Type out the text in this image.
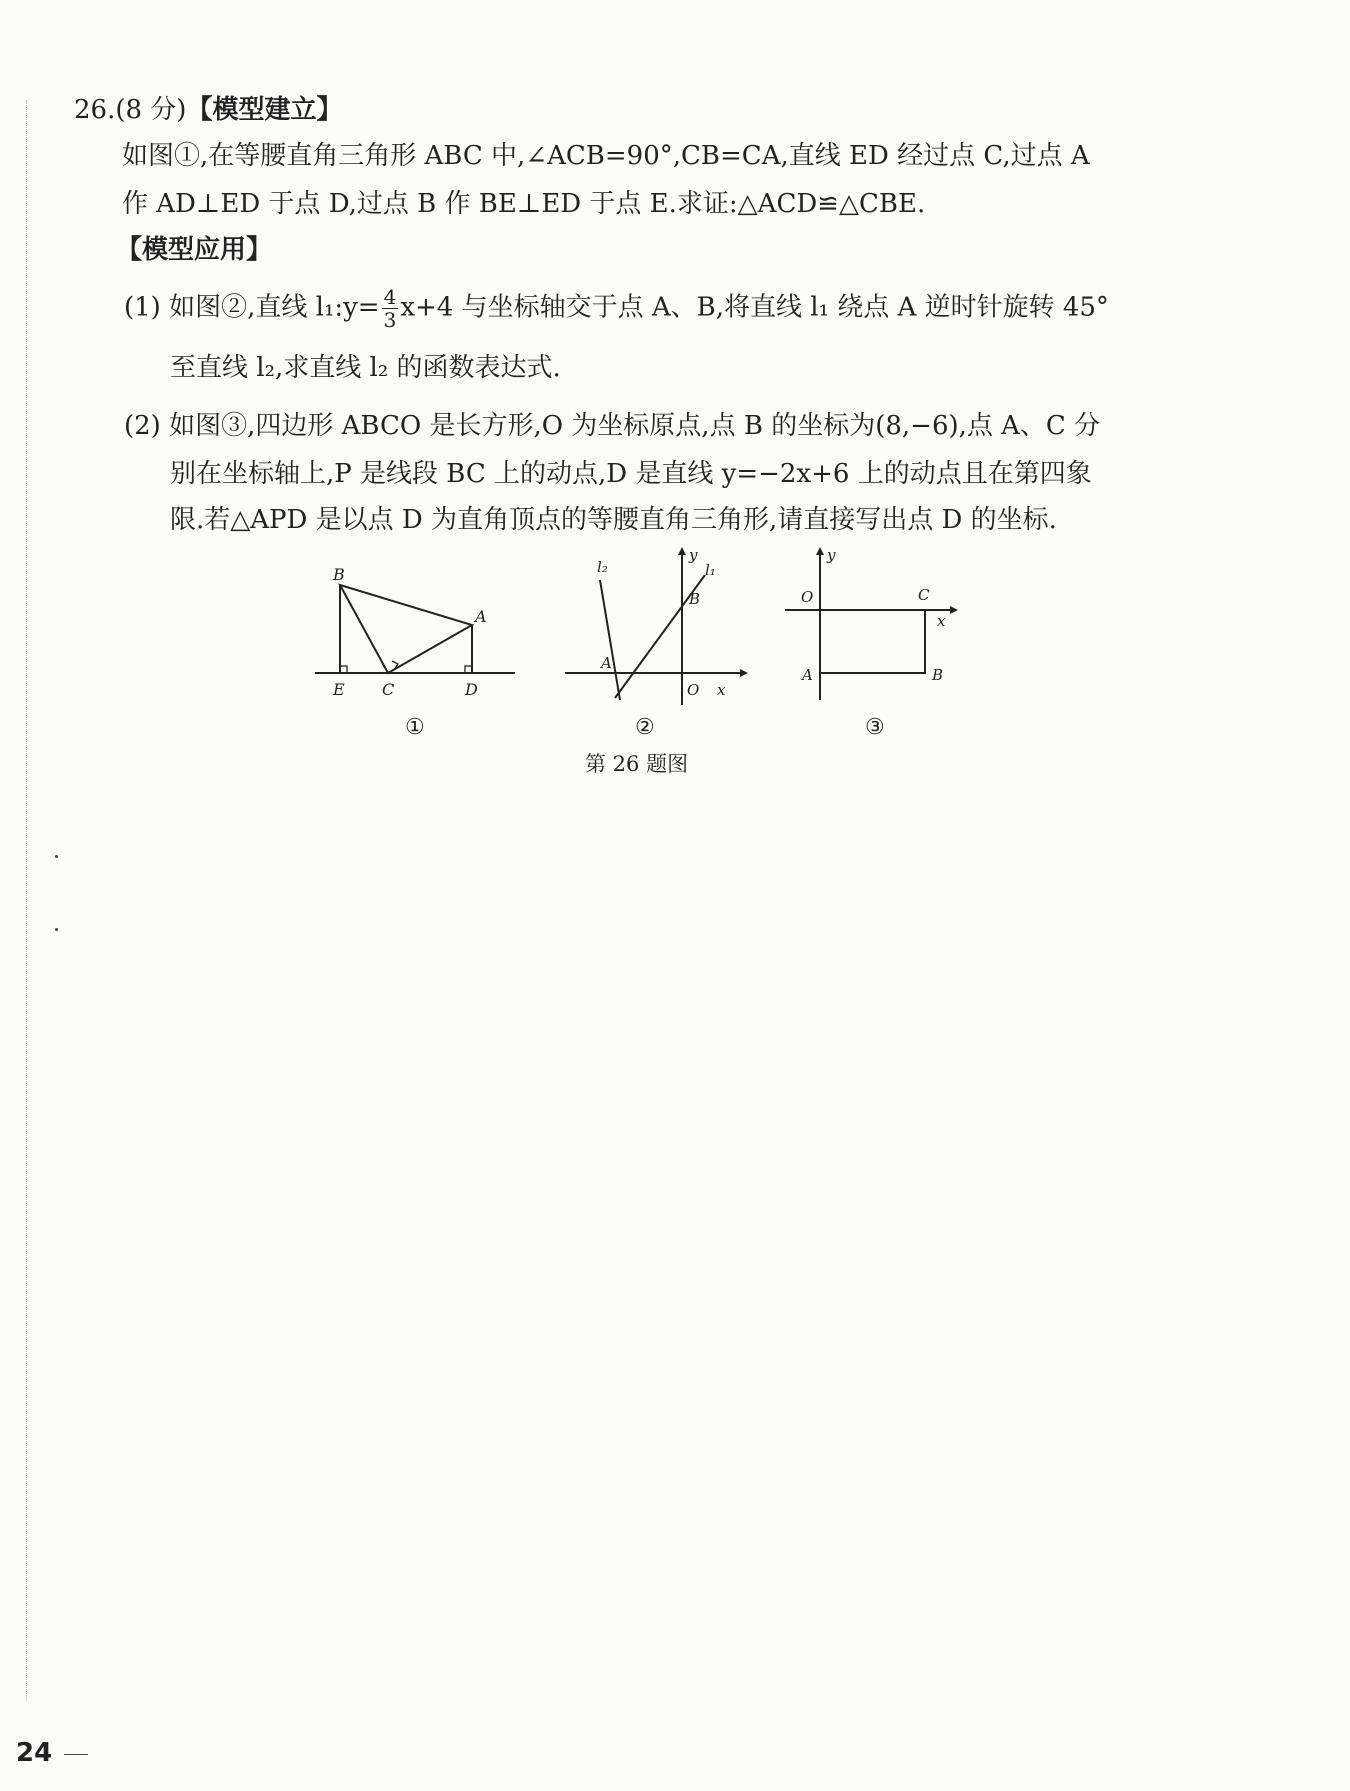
26.(8 分)【模型建立】
如图①,在等腰直角三角形 ABC 中,∠ACB=90°,CB=CA,直线 ED 经过点 C,过点 A
作 AD⊥ED 于点 D,过点 B 作 BE⊥ED 于点 E.求证:△ACD≌△CBE.
【模型应用】
(1) 如图②,直线 l₁:y= $\frac{4}{3} x+4$ 与坐标轴交于点 A、B,将直线 l₁ 绕点 A 逆时针旋转 45°
至直线 l₂,求直线 l₂ 的函数表达式.
(2) 如图③,四边形 ABCO 是长方形,O 为坐标原点,点 B 的坐标为(8,−6),点 A、C 分
别在坐标轴上,P 是线段 BC 上的动点,D 是直线 y=−2x+6 上的动点且在第四象
限.若△APD 是以点 D 为直角顶点的等腰直角三角形,请直接写出点 D 的坐标.
B
A
E C	D
①
l₂
y
l₁
B
A
O x
②
y
O	C
x
A	B
③
第 26 题图
24
